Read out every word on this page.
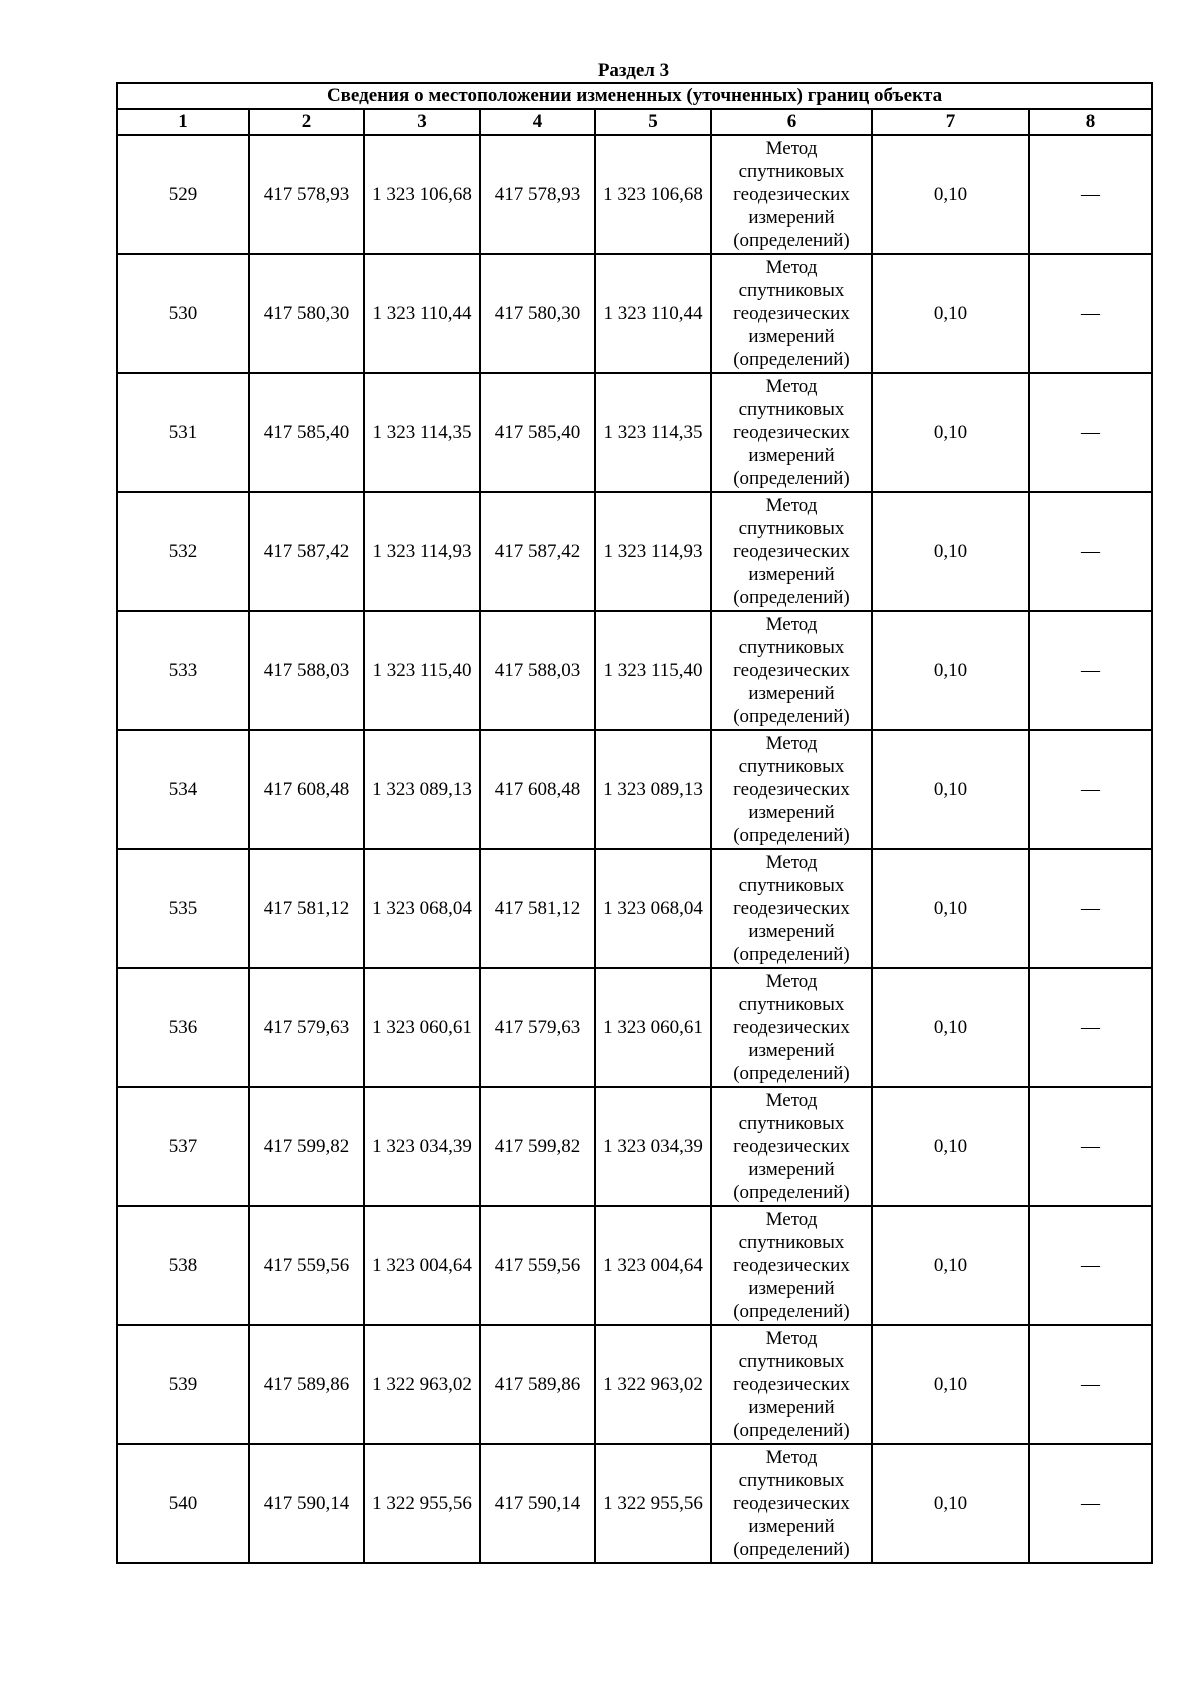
Раздел 3
Сведения о местоположении измененных (уточненных) границ объекта							
1	2	3	4	5	6	7	8
529	417 578,93	1 323 106,68	417 578,93	1 323 106,68	Метод спутниковых геодезических измерений (определений)	0,10	—
530	417 580,30	1 323 110,44	417 580,30	1 323 110,44	Метод спутниковых геодезических измерений (определений)	0,10	—
531	417 585,40	1 323 114,35	417 585,40	1 323 114,35	Метод спутниковых геодезических измерений (определений)	0,10	—
532	417 587,42	1 323 114,93	417 587,42	1 323 114,93	Метод спутниковых геодезических измерений (определений)	0,10	—
533	417 588,03	1 323 115,40	417 588,03	1 323 115,40	Метод спутниковых геодезических измерений (определений)	0,10	—
534	417 608,48	1 323 089,13	417 608,48	1 323 089,13	Метод спутниковых геодезических измерений (определений)	0,10	—
535	417 581,12	1 323 068,04	417 581,12	1 323 068,04	Метод спутниковых геодезических измерений (определений)	0,10	—
536	417 579,63	1 323 060,61	417 579,63	1 323 060,61	Метод спутниковых геодезических измерений (определений)	0,10	—
537	417 599,82	1 323 034,39	417 599,82	1 323 034,39	Метод спутниковых геодезических измерений (определений)	0,10	—
538	417 559,56	1 323 004,64	417 559,56	1 323 004,64	Метод спутниковых геодезических измерений (определений)	0,10	—
539	417 589,86	1 322 963,02	417 589,86	1 322 963,02	Метод спутниковых геодезических измерений (определений)	0,10	—
540	417 590,14	1 322 955,56	417 590,14	1 322 955,56	Метод спутниковых геодезических измерений (определений)	0,10	—
